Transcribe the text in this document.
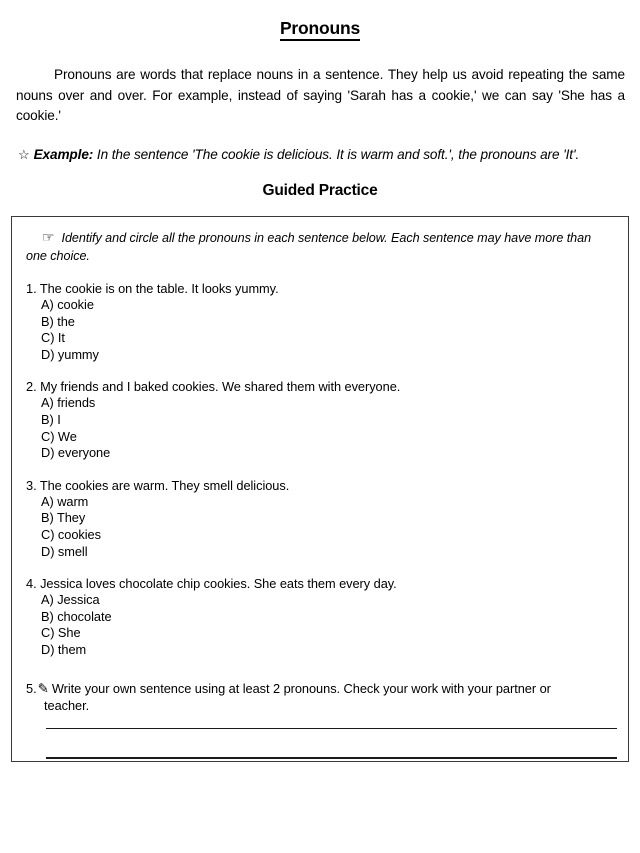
Pronouns

Pronouns are words that replace nouns in a sentence. They help us avoid repeating the same nouns over and over. For example, instead of saying 'Sarah has a cookie,' we can say 'She has a cookie.'

☆ Example: In the sentence 'The cookie is delicious. It is warm and soft.', the pronouns are 'It'.

Guided Practice

☞ Identify and circle all the pronouns in each sentence below. Each sentence may have more than one choice.

1. The cookie is on the table. It looks yummy.

A) cookie

B) the

C) It

D) yummy

2. My friends and I baked cookies. We shared them with everyone.

A) friends

B) I

C) We

D) everyone

3. The cookies are warm. They smell delicious.

A) warm

B) They

C) cookies

D) smell

4. Jessica loves chocolate chip cookies. She eats them every day.

A) Jessica

B) chocolate

C) She

D) them

5.✎ Write your own sentence using at least 2 pronouns. Check your work with your partner or teacher.
